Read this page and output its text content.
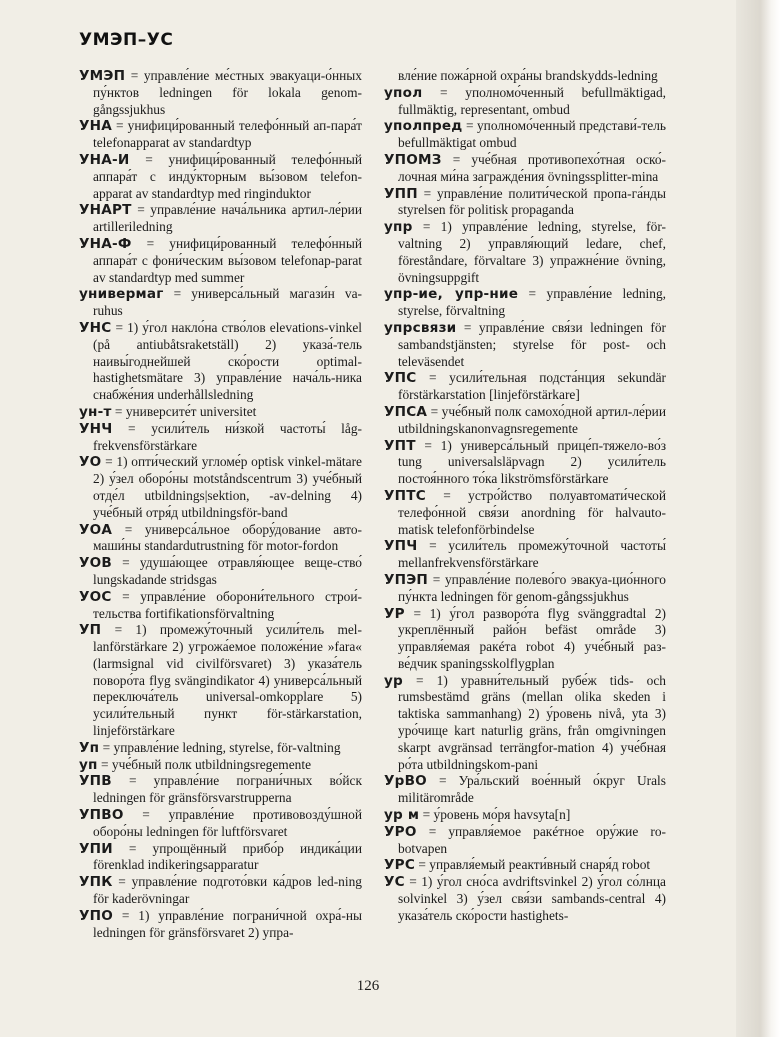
УМЭП–УС
УМЭП = управле́ние ме́стных эвакуаци-о́нных пу́нктов ledningen för lokala genom-gångssjukhus
УНА = унифици́рованный телефо́нный ап-пара́т telefonapparat av standardtyp
УНА-И = унифици́рованный телефо́нный аппара́т с инду́кторным вы́зовом telefon-apparat av standardtyp med ringinduktor
УНАРТ = управле́ние нача́льника артил-ле́рии artilleriledning
УНА-Ф = унифици́рованный телефо́нный аппара́т с фони́ческим вы́зовом telefonap-parat av standardtyp med summer
универмаг = универса́льный магази́н va-ruhus
УНС = 1) у́гол накло́на ство́лов elevations-vinkel (på antiubåtsraketställ) 2) указа́-тель наивы́годнейшей ско́рости optimal-hastighetsmätare 3) управле́ние нача́ль-ника снабже́ния underhållsledning
ун-т = университе́т universitet
УНЧ = усили́тель ни́зкой частоты́ låg-frekvensförstärkare
УО = 1) опти́ческий угломе́р optisk vinkel-mätare 2) у́зел оборо́ны motståndscentrum 3) уче́бный отде́л utbildnings|sektion, -av-delning 4) уче́бный отря́д utbildningsför-band
УОА = универса́льное обору́дование авто-маши́ны standardutrustning för motor-fordon
УОВ = удуша́ющее отравля́ющее веще-ство́ lungskadande stridsgas
УОС = управле́ние оборони́тельного строи́-тельства fortifikationsförvaltning
УП = 1) промежу́точный усили́тель mel-lanförstärkare 2) угрожа́емое положе́ние »fara« (larmsignal vid civilförsvaret) 3) указа́тель поворо́та flyg svängindikator 4) универса́льный переключа́тель universal-omkopplare 5) усили́тельный пункт för-stärkarstation, linjeförstärkare
Уп = управле́ние ledning, styrelse, för-valtning
уп = уче́бный полк utbildningsregemente
УПВ = управле́ние пограни́чных во́йск ledningen för gränsförsvarstrupperna
УПВО = управле́ние противовозду́шной оборо́ны ledningen för luftförsvaret
УПИ = упрощённый прибо́р индика́ции förenklad indikeringsapparatur
УПК = управле́ние подгото́вки ка́дров led-ning för kaderövningar
УПО = 1) управле́ние пограни́чной охра́-ны ledningen för gränsförsvaret 2) упра-
вле́ние пожа́рной охра́ны brandskydds-ledning
упол = уполномо́ченный befullmäktigad, fullmäktig, representant, ombud
уполпред = уполномо́ченный представи́-тель befullmäktigat ombud
УПОМЗ = уче́бная противопехо́тная оско́-лочная ми́на загражде́ния övningssplitter-mina
УПП = управле́ние полити́ческой пропа-га́нды styrelsen för politisk propaganda
упр = 1) управле́ние ledning, styrelse, för-valtning 2) управля́ющий ledare, chef, föreståndare, förvaltare 3) упражне́ние övning, övningsuppgift
упр-ие, упр-ние = управле́ние ledning, styrelse, förvaltning
упрсвязи = управле́ние свя́зи ledningen för sambandstjänsten; styrelse för post- och televäsendet
УПС = усили́тельная подста́нция sekundär förstärkarstation [linjeförstärkare]
УПСА = уче́бный полк самохо́дной артил-ле́рии utbildningskanonvagnsregemente
УПТ = 1) универса́льный прице́п-тяжело-во́з tung universalsläpvagn 2) усили́тель постоя́нного то́ка likströmsförstärkare
УПТС = устро́йство полуавтомати́ческой телефо́нной свя́зи anordning för halvauto-matisk telefonförbindelse
УПЧ = усили́тель промежу́точной частоты́ mellanfrekvensförstärkare
УПЭП = управле́ние полево́го эвакуа-цио́нного пу́нкта ledningen för genom-gångssjukhus
УР = 1) у́гол разворо́та flyg svänggradtal 2) укреплённый райо́н befäst område 3) управля́емая ракéта robot 4) уче́бный раз-ве́дчик spaningsskolflygplan
ур = 1) уравни́тельный рубе́ж tids- och rumsbestämd gräns (mellan olika skeden i taktiska sammanhang) 2) у́ровень nivå, yta 3) уро́чище kart naturlig gräns, från omgivningen skarpt avgränsad terrängfor-mation 4) уче́бная ро́та utbildningskom-pani
УрВО = Ура́льский вое́нный о́круг Urals militärområde
ур м = у́ровень мо́ря havsyta[n]
УРО = управля́емое ракéтное ору́жие ro-botvapen
УРС = управля́емый реакти́вный снаря́д robot
УС = 1) у́гол сно́са avdriftsvinkel 2) у́гол со́лнца solvinkel 3) у́зел свя́зи sambands-central 4) указа́тель ско́рости hastighets-
126
